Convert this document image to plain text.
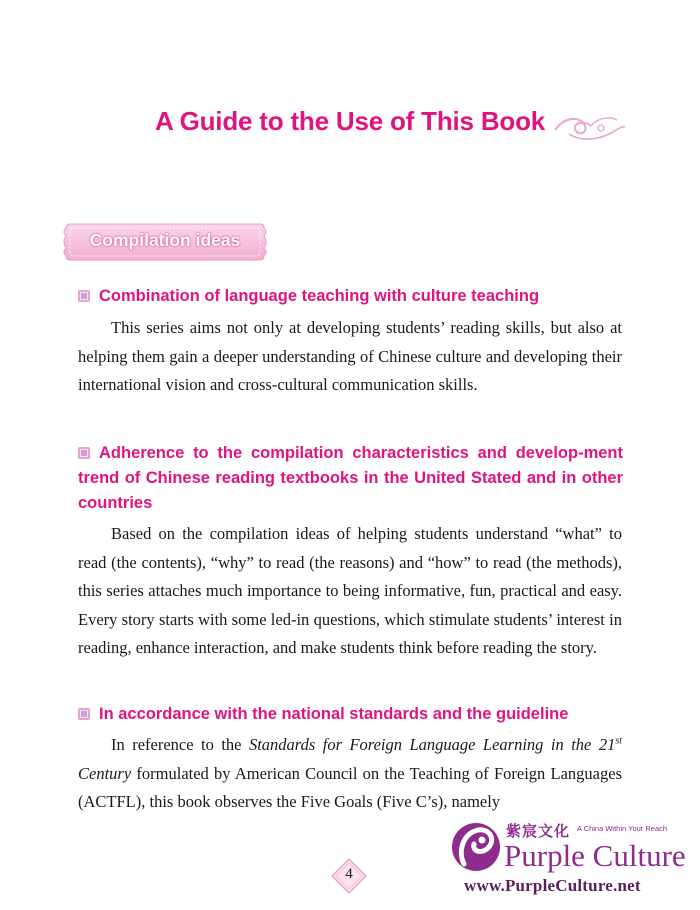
A Guide to the Use of This Book
Compilation ideas
Combination of language teaching with culture teaching
This series aims not only at developing students’ reading skills, but also at helping them gain a deeper understanding of Chinese culture and developing their international vision and cross-cultural communication skills.
Adherence to the compilation characteristics and develop-ment trend of Chinese reading textbooks in the United Stated and in other countries
Based on the compilation ideas of helping students understand “what” to read (the contents), “why” to read (the reasons) and “how” to read (the methods), this series attaches much importance to being informative, fun, practical and easy. Every story starts with some led-in questions, which stimulate students’ interest in reading, enhance interaction, and make students think before reading the story.
In accordance with the national standards and the guideline
In reference to the Standards for Foreign Language Learning in the 21st Century formulated by American Council on the Teaching of Foreign Languages (ACTFL), this book observes the Five Goals (Five C’s), namely
4
紫宸文化 A China Within Your Reach
Purple Culture
www.PurpleCulture.net
